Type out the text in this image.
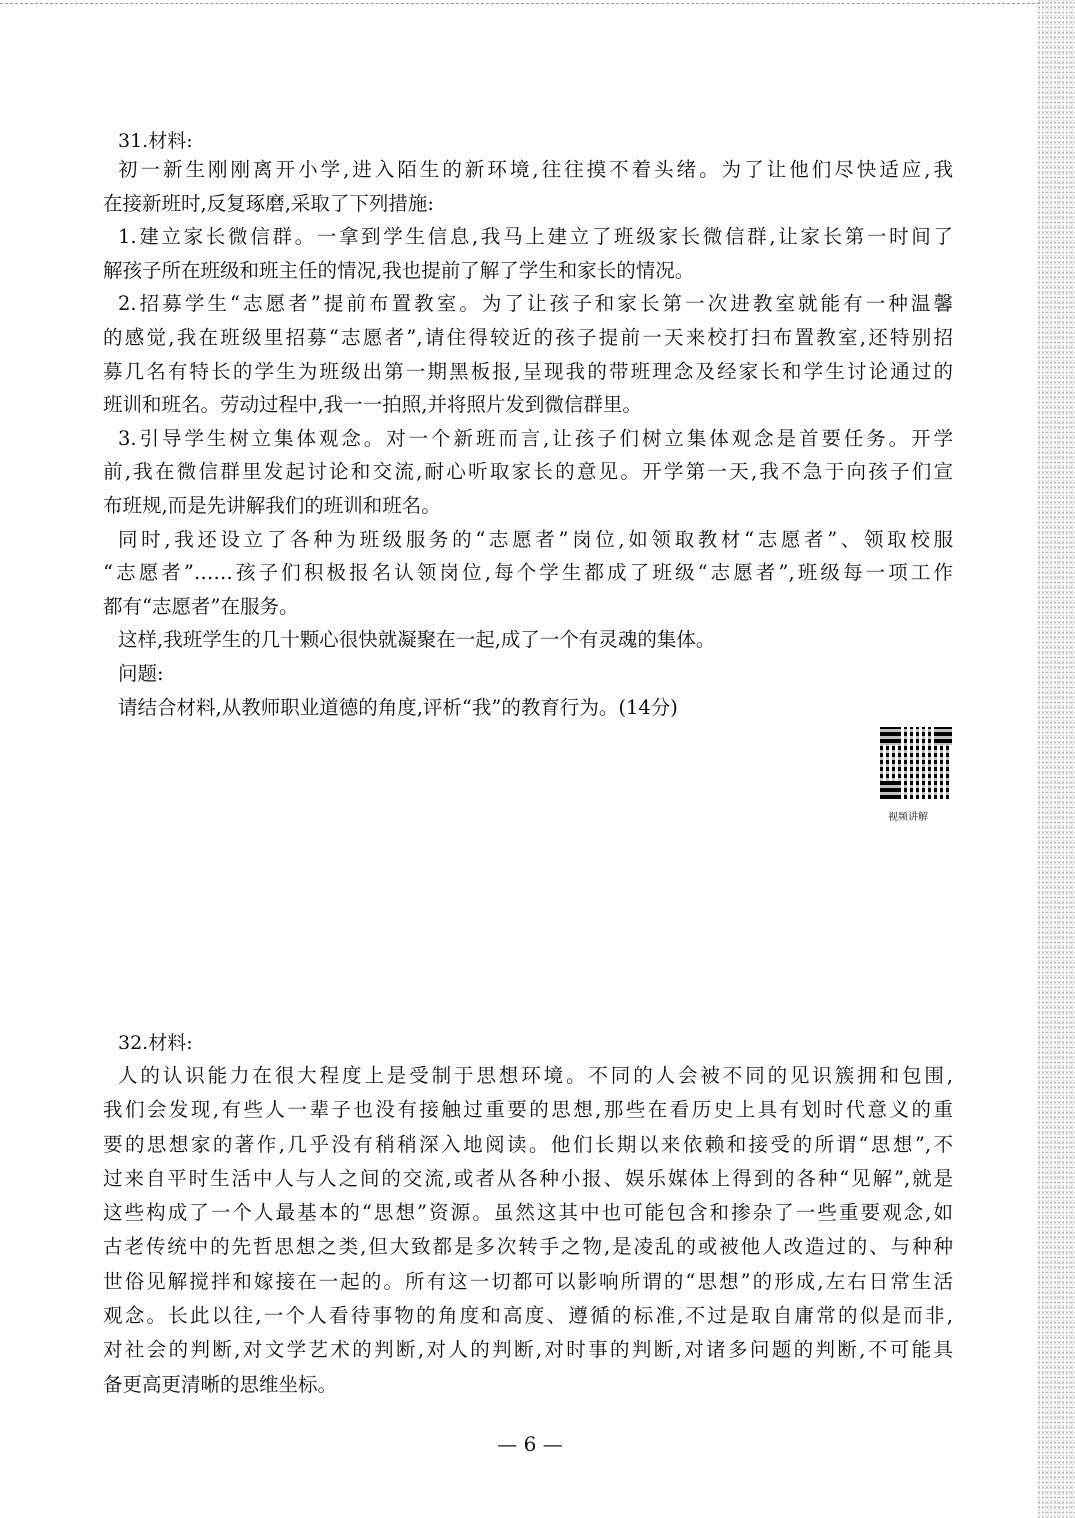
31.材料:
初一新生刚刚离开小学,进入陌生的新环境,往往摸不着头绪。为了让他们尽快适应,我
在接新班时,反复琢磨,采取了下列措施:
1.建立家长微信群。一拿到学生信息,我马上建立了班级家长微信群,让家长第一时间了
解孩子所在班级和班主任的情况,我也提前了解了学生和家长的情况。
2.招募学生“志愿者”提前布置教室。为了让孩子和家长第一次进教室就能有一种温馨
的感觉,我在班级里招募“志愿者”,请住得较近的孩子提前一天来校打扫布置教室,还特别招
募几名有特长的学生为班级出第一期黑板报,呈现我的带班理念及经家长和学生讨论通过的
班训和班名。劳动过程中,我一一拍照,并将照片发到微信群里。
3.引导学生树立集体观念。对一个新班而言,让孩子们树立集体观念是首要任务。开学
前,我在微信群里发起讨论和交流,耐心听取家长的意见。开学第一天,我不急于向孩子们宣
布班规,而是先讲解我们的班训和班名。
同时,我还设立了各种为班级服务的“志愿者”岗位,如领取教材“志愿者”、领取校服
“志愿者”……孩子们积极报名认领岗位,每个学生都成了班级“志愿者”,班级每一项工作
都有“志愿者”在服务。
这样,我班学生的几十颗心很快就凝聚在一起,成了一个有灵魂的集体。
问题:
请结合材料,从教师职业道德的角度,评析“我”的教育行为。(14分)
视频讲解
32.材料:
人的认识能力在很大程度上是受制于思想环境。不同的人会被不同的见识簇拥和包围,
我们会发现,有些人一辈子也没有接触过重要的思想,那些在看历史上具有划时代意义的重
要的思想家的著作,几乎没有稍稍深入地阅读。他们长期以来依赖和接受的所谓“思想”,不
过来自平时生活中人与人之间的交流,或者从各种小报、娱乐媒体上得到的各种“见解”,就是
这些构成了一个人最基本的“思想”资源。虽然这其中也可能包含和掺杂了一些重要观念,如
古老传统中的先哲思想之类,但大致都是多次转手之物,是凌乱的或被他人改造过的、与种种
世俗见解搅拌和嫁接在一起的。所有这一切都可以影响所谓的“思想”的形成,左右日常生活
观念。长此以往,一个人看待事物的角度和高度、遵循的标准,不过是取自庸常的似是而非,
对社会的判断,对文学艺术的判断,对人的判断,对时事的判断,对诸多问题的判断,不可能具
备更高更清晰的思维坐标。
— 6 —
